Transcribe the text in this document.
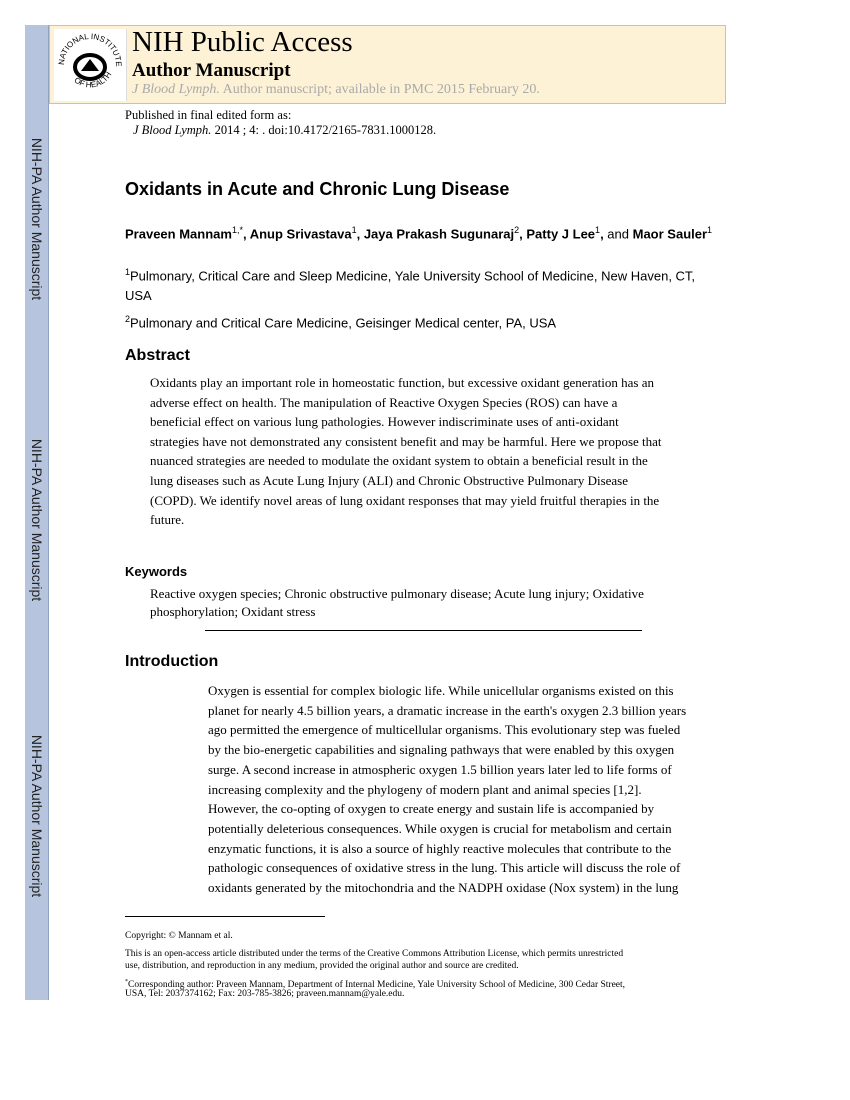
NIH-PA Author Manuscript
NIH-PA Author Manuscript
NIH-PA Author Manuscript
NATIONAL INSTITUTE
OF HEALTH
NIH Public Access
Author Manuscript
J Blood Lymph. Author manuscript; available in PMC 2015 February 20.
Published in final edited form as:
J Blood Lymph. 2014 ; 4: . doi:10.4172/2165-7831.1000128.
Oxidants in Acute and Chronic Lung Disease
Praveen Mannam$^{1,*}$, Anup Srivastava$^1$, Jaya Prakash Sugunaraj$^2$, Patty J Lee$^1$, and Maor Sauler$^1$
$^1$Pulmonary, Critical Care and Sleep Medicine, Yale University School of Medicine, New Haven, CT, USA
$^2$Pulmonary and Critical Care Medicine, Geisinger Medical center, PA, USA
Abstract
Oxidants play an important role in homeostatic function, but excessive oxidant generation has an
adverse effect on health. The manipulation of Reactive Oxygen Species (ROS) can have a
beneficial effect on various lung pathologies. However indiscriminate uses of anti-oxidant
strategies have not demonstrated any consistent benefit and may be harmful. Here we propose that
nuanced strategies are needed to modulate the oxidant system to obtain a beneficial result in the
lung diseases such as Acute Lung Injury (ALI) and Chronic Obstructive Pulmonary Disease
(COPD). We identify novel areas of lung oxidant responses that may yield fruitful therapies in the
future.
Keywords
Reactive oxygen species; Chronic obstructive pulmonary disease; Acute lung injury; Oxidative
phosphorylation; Oxidant stress
Introduction
Oxygen is essential for complex biologic life. While unicellular organisms existed on this
planet for nearly 4.5 billion years, a dramatic increase in the earth's oxygen 2.3 billion years
ago permitted the emergence of multicellular organisms. This evolutionary step was fueled
by the bio-energetic capabilities and signaling pathways that were enabled by this oxygen
surge. A second increase in atmospheric oxygen 1.5 billion years later led to life forms of
increasing complexity and the phylogeny of modern plant and animal species [1,2].
However, the co-opting of oxygen to create energy and sustain life is accompanied by
potentially deleterious consequences. While oxygen is crucial for metabolism and certain
enzymatic functions, it is also a source of highly reactive molecules that contribute to the
pathologic consequences of oxidative stress in the lung. This article will discuss the role of
oxidants generated by the mitochondria and the NADPH oxidase (Nox system) in the lung
Copyright: © Mannam et al.
This is an open-access article distributed under the terms of the Creative Commons Attribution License, which permits unrestricted
use, distribution, and reproduction in any medium, provided the original author and source are credited.
*Corresponding author: Praveen Mannam, Department of Internal Medicine, Yale University School of Medicine, 300 Cedar Street,
USA, Tel: 2037374162; Fax: 203-785-3826; praveen.mannam@yale.edu.
